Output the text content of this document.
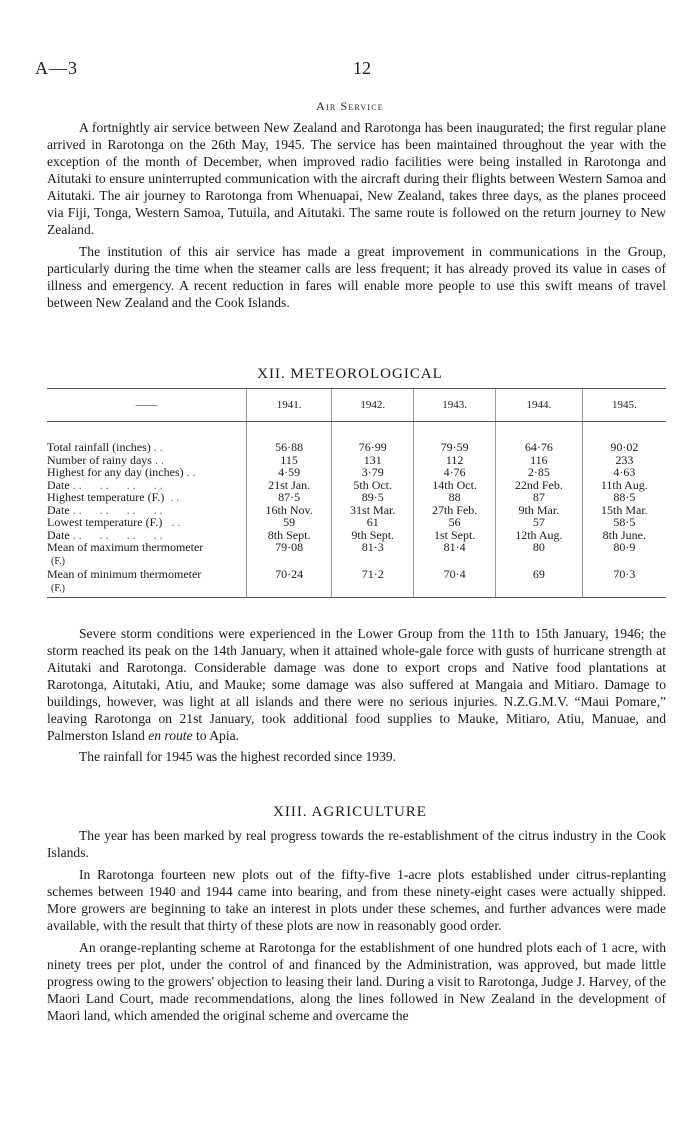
A—3	12
Air Service

A fortnightly air service between New Zealand and Rarotonga has been inaugurated; the first regular plane arrived in Rarotonga on the 26th May, 1945. The service has been maintained throughout the year with the exception of the month of December, when improved radio facilities were being installed in Rarotonga and Aitutaki to ensure uninterrupted communication with the aircraft during their flights between Western Samoa and Aitutaki. The air journey to Rarotonga from Whenuapai, New Zealand, takes three days, as the planes proceed via Fiji, Tonga, Western Samoa, Tutuila, and Aitutaki. The same route is followed on the return journey to New Zealand.

The institution of this air service has made a great improvement in communications in the Group, particularly during the time when the steamer calls are less frequent; it has already proved its value in cases of illness and emergency. A recent reduction in fares will enable more people to use this swift means of travel between New Zealand and the Cook Islands.

XII. METEOROLOGICAL
——	1941.	1942.	1943.	1944.	1945.
Total rainfall (inches) . .	56·88	76·99	79·59	64·76	90·02
Number of rainy days . .	115	131	112	116	233
Highest for any day (inches) . .	4·59	3·79	4·76	2·85	4·63
Date . .      . .      . .      . .	21st Jan.	5th Oct.	14th Oct.	22nd Feb.	11th Aug.
Highest temperature (F.)  . .	87·5	89·5	88	87	88·5
Date . .      . .      . .      . .	16th Nov.	31st Mar.	27th Feb.	9th Mar.	15th Mar.
Lowest temperature (F.)   . .	59	61	56	57	58·5
Date . .      . .      . .      . .	8th Sept.	9th Sept.	1st Sept.	12th Aug.	8th June.
Mean of maximum thermometer
(F.)	79·08	81·3	81·4	80	80·9
Mean of minimum thermometer
(F.)	70·24	71·2	70·4	69	70·3

Severe storm conditions were experienced in the Lower Group from the 11th to 15th January, 1946; the storm reached its peak on the 14th January, when it attained whole-gale force with gusts of hurricane strength at Aitutaki and Rarotonga. Considerable damage was done to export crops and Native food plantations at Rarotonga, Aitutaki, Atiu, and Mauke; some damage was also suffered at Mangaia and Mitiaro. Damage to buildings, however, was light at all islands and there were no serious injuries. N.Z.G.M.V. “Maui Pomare,” leaving Rarotonga on 21st January, took additional food supplies to Mauke, Mitiaro, Atiu, Manuae, and Palmerston Island en route to Apia.

The rainfall for 1945 was the highest recorded since 1939.

XIII. AGRICULTURE

The year has been marked by real progress towards the re-establishment of the citrus industry in the Cook Islands.

In Rarotonga fourteen new plots out of the fifty-five 1-acre plots established under citrus-replanting schemes between 1940 and 1944 came into bearing, and from these ninety-eight cases were actually shipped. More growers are beginning to take an interest in plots under these schemes, and further advances were made available, with the result that thirty of these plots are now in reasonably good order.

An orange-replanting scheme at Rarotonga for the establishment of one hundred plots each of 1 acre, with ninety trees per plot, under the control of and financed by the Administration, was approved, but made little progress owing to the growers' objection to leasing their land. During a visit to Rarotonga, Judge J. Harvey, of the Maori Land Court, made recommendations, along the lines followed in New Zealand in the development of Maori land, which amended the original scheme and overcame the
